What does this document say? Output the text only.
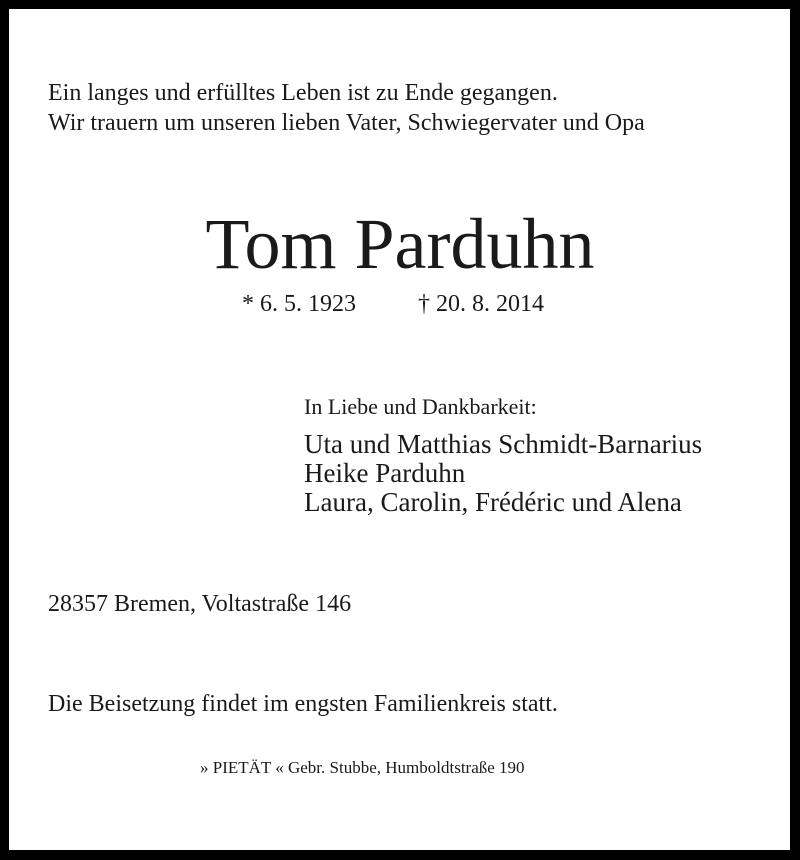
Ein langes und erfülltes Leben ist zu Ende gegangen.
Wir trauern um unseren lieben Vater, Schwiegervater und Opa
Tom Parduhn
* 6. 5. 1923	† 20. 8. 2014
In Liebe und Dankbarkeit:
Uta und Matthias Schmidt-Barnarius
Heike Parduhn
Laura, Carolin, Frédéric und Alena
28357 Bremen, Voltastraße 146
Die Beisetzung findet im engsten Familienkreis statt.
» PIETÄT « Gebr. Stubbe, Humboldtstraße 190
